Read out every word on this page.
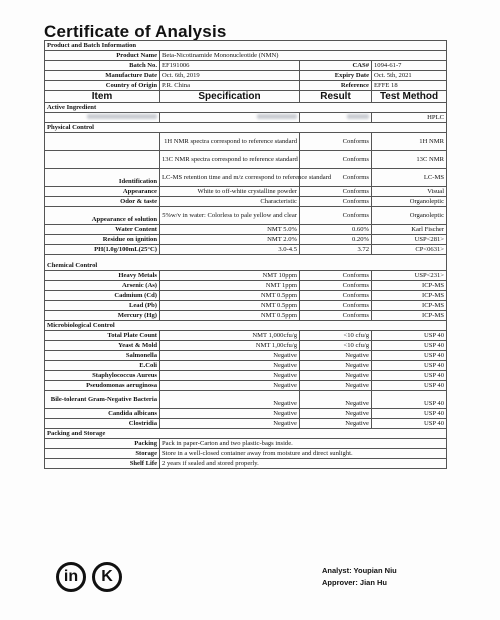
Certificate of Analysis
Product and Batch Information			
Product Name	Beta-Nicotinamide Mononucleotide (NMN)		
Batch No.	EF191006	CAS#	1094-61-7
Manufacture Date	Oct. 6th, 2019	Expiry Date	Oct. 5th, 2021
Country of Origin	P.R. China	Reference	EFFE 18
Item	Specification	Result	Test Method
Active Ingredient			
			HPLC
Physical Control			
	1H NMR spectra correspond to reference standard	Conforms	1H NMR
	13C NMR spectra correspond to reference standard	Conforms	13C NMR
Identification	LC-MS retention time and m/z correspond to reference standard	Conforms	LC-MS
Appearance	White to off-white crystalline powder	Conforms	Visual
Odor & taste	Characteristic	Conforms	Organoleptic
Appearance of solution	5%w/v in water: Colorless to pale yellow and clear	Conforms	Organoleptic
Water Content	NMT 5.0%	0.60%	Karl Fischer
Residue on ignition	NMT 2.0%	0.20%	USP<281>
PH(1.0g/100mL(25°C)	3.0-4.5	3.72	CP<0631>
Chemical Control			
Heavy Metals	NMT 10ppm	Conforms	USP<231>
Arsenic (As)	NMT 1ppm	Conforms	ICP-MS
Cadmium (Cd)	NMT 0.5ppm	Conforms	ICP-MS
Lead (Pb)	NMT 0.5ppm	Conforms	ICP-MS
Mercury (Hg)	NMT 0.5ppm	Conforms	ICP-MS
Microbiological Control			
Total Plate Count	NMT 1,000cfu/g	<10 cfu/g	USP 40
Yeast & Mold	NMT 1,00cfu/g	<10 cfu/g	USP 40
Salmonella	Negative	Negative	USP 40
E.Coli	Negative	Negative	USP 40
Staphylococcus Aureus	Negative	Negative	USP 40
Pseudomonas aeruginosa	Negative	Negative	USP 40
Bile-tolerant Gram-Negative Bacteria	Negative	Negative	USP 40
Candida albicans	Negative	Negative	USP 40
Clostridia	Negative	Negative	USP 40
Packing and Storage			
Packing	Pack in paper-Carton and two plastic-bags inside.		
Storage	Store in a well-closed container away from moisture and direct sunlight.		
Shelf Life	2 years if sealed and stored properly.		
in K	Analyst: Youpian Niu
Approver: Jian Hu
